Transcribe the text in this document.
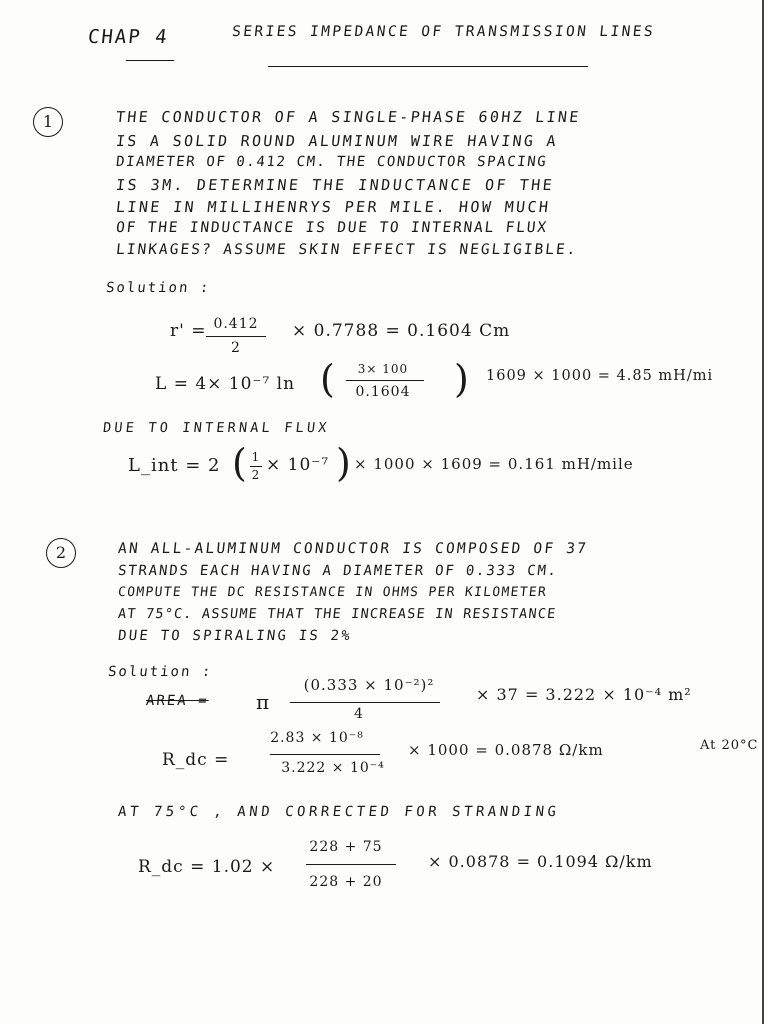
CHAP 4	SERIES IMPEDANCE OF TRANSMISSION LINES
1	THE CONDUCTOR OF A SINGLE-PHASE 60HZ LINE
IS A SOLID ROUND ALUMINUM WIRE HAVING A
DIAMETER OF 0.412 CM. THE CONDUCTOR SPACING
IS 3M. DETERMINE THE INDUCTANCE OF THE
LINE IN MILLIHENRYS PER MILE. HOW MUCH
OF THE INDUCTANCE IS DUE TO INTERNAL FLUX
LINKAGES? ASSUME SKIN EFFECT IS NEGLIGIBLE.
Solution :
r' = 0.412
2
× 0.7788 = 0.1604 Cm
L = 4× 10⁻⁷ ln (	3× 100
0.1604	) 1609 × 1000 = 4.85 mH/mi
DUE TO INTERNAL FLUX
L_int = 2 ( 1
2 × 10⁻⁷ ) × 1000 × 1609 = 0.161 mH/mile
2	AN ALL-ALUMINUM CONDUCTOR IS COMPOSED OF 37
STRANDS EACH HAVING A DIAMETER OF 0.333 CM.
COMPUTE THE DC RESISTANCE IN OHMS PER KILOMETER
AT 75°C. ASSUME THAT THE INCREASE IN RESISTANCE
DUE TO SPIRALING IS 2%
Solution :
AREA = π
(0.333 × 10⁻²)²
4
× 37 = 3.222 × 10⁻⁴ m²
R_dc =
2.83 × 10⁻⁸
3.222 × 10⁻⁴
× 1000 = 0.0878 Ω/km	At 20°C
AT 75°C , AND CORRECTED FOR STRANDING
R_dc = 1.02 ×
228 + 75
228 + 20
× 0.0878 = 0.1094 Ω/km
